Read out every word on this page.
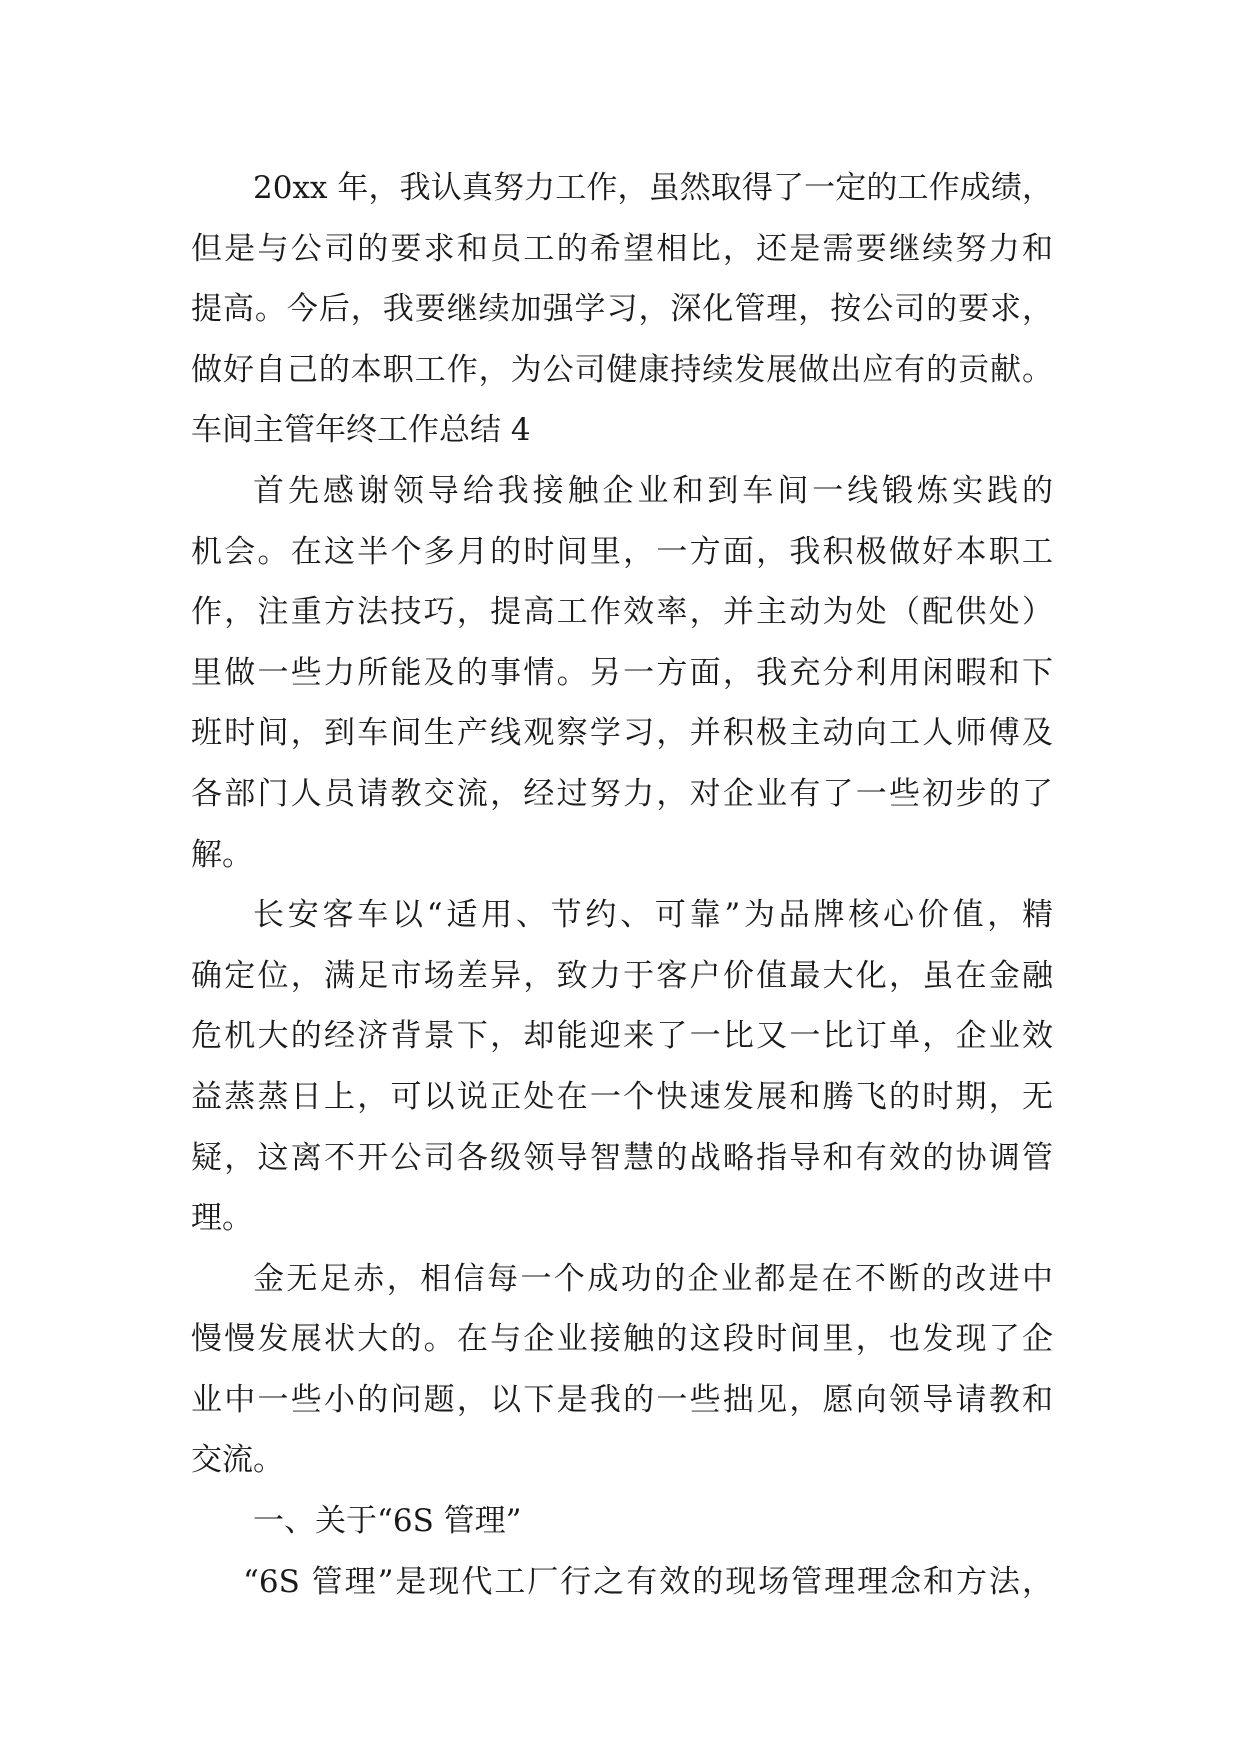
20xx 年，我认真努力工作，虽然取得了一定的工作成绩，
但是与公司的要求和员工的希望相比，还是需要继续努力和
提高。今后，我要继续加强学习，深化管理，按公司的要求，
做好自己的本职工作，为公司健康持续发展做出应有的贡献。
车间主管年终工作总结 4
首先感谢领导给我接触企业和到车间一线锻炼实践的
机会。在这半个多月的时间里，一方面，我积极做好本职工
作，注重方法技巧，提高工作效率，并主动为处（配供处）
里做一些力所能及的事情。另一方面，我充分利用闲暇和下
班时间，到车间生产线观察学习，并积极主动向工人师傅及
各部门人员请教交流，经过努力，对企业有了一些初步的了
解。
长安客车以“适用、节约、可靠”为品牌核心价值，精
确定位，满足市场差异，致力于客户价值最大化，虽在金融
危机大的经济背景下，却能迎来了一比又一比订单，企业效
益蒸蒸日上，可以说正处在一个快速发展和腾飞的时期，无
疑，这离不开公司各级领导智慧的战略指导和有效的协调管
理。
金无足赤，相信每一个成功的企业都是在不断的改进中
慢慢发展状大的。在与企业接触的这段时间里，也发现了企
业中一些小的问题，以下是我的一些拙见，愿向领导请教和
交流。
一、关于“6S 管理”
“6S 管理”是现代工厂行之有效的现场管理理念和方法，
